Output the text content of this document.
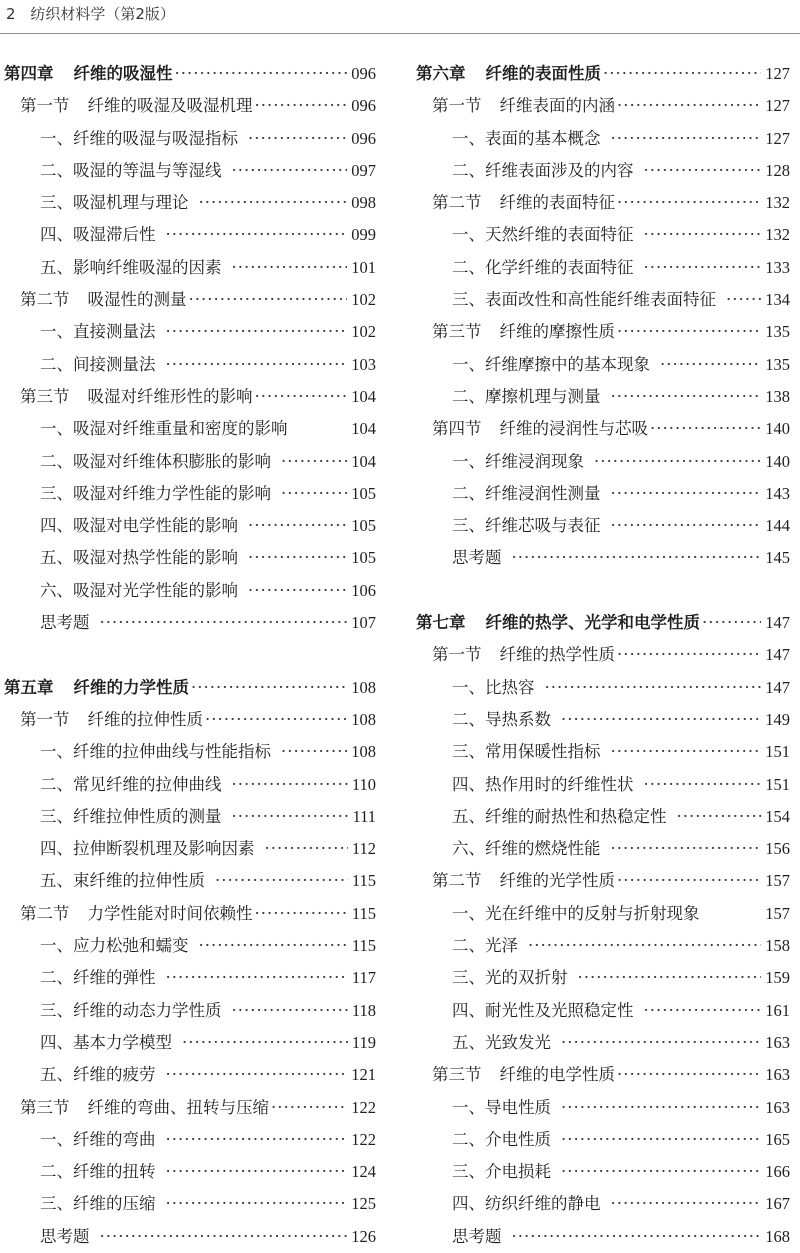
2 纺织材料学（第2版）
第四章 纤维的吸湿性 ·····	096
第一节 纤维的吸湿及吸湿机理 ·····	096
一、纤维的吸湿与吸湿指标 ·····	096
二、吸湿的等温与等湿线 ·····	097
三、吸湿机理与理论 ·····	098
四、吸湿滞后性 ·····	099
五、影响纤维吸湿的因素 ·····	101
第二节 吸湿性的测量 ·····	102
一、直接测量法 ·····	102
二、间接测量法 ·····	103
第三节 吸湿对纤维形性的影响 ·····	104
一、吸湿对纤维重量和密度的影响	104
二、吸湿对纤维体积膨胀的影响 ·····	104
三、吸湿对纤维力学性能的影响 ·····	105
四、吸湿对电学性能的影响 ·····	105
五、吸湿对热学性能的影响 ·····	105
六、吸湿对光学性能的影响 ·····	106
思考题 ·····	107
第五章 纤维的力学性质 ·····	108
第一节 纤维的拉伸性质 ·····	108
一、纤维的拉伸曲线与性能指标 ·····	108
二、常见纤维的拉伸曲线 ·····	110
三、纤维拉伸性质的测量 ·····	111
四、拉伸断裂机理及影响因素 ·····	112
五、束纤维的拉伸性质 ·····	115
第二节 力学性能对时间依赖性 ·····	115
一、应力松弛和蠕变 ·····	115
二、纤维的弹性 ·····	117
三、纤维的动态力学性质 ·····	118
四、基本力学模型 ·····	119
五、纤维的疲劳 ·····	121
第三节 纤维的弯曲、扭转与压缩 ·····	122
一、纤维的弯曲 ·····	122
二、纤维的扭转 ·····	124
三、纤维的压缩 ·····	125
思考题 ·····	126
第六章 纤维的表面性质 ·····	127
第一节 纤维表面的内涵 ·····	127
一、表面的基本概念 ·····	127
二、纤维表面涉及的内容 ·····	128
第二节 纤维的表面特征 ·····	132
一、天然纤维的表面特征 ·····	132
二、化学纤维的表面特征 ·····	133
三、表面改性和高性能纤维表面特征 ·····	134
第三节 纤维的摩擦性质 ·····	135
一、纤维摩擦中的基本现象 ·····	135
二、摩擦机理与测量 ·····	138
第四节 纤维的浸润性与芯吸 ·····	140
一、纤维浸润现象 ·····	140
二、纤维浸润性测量 ·····	143
三、纤维芯吸与表征 ·····	144
思考题 ·····	145
第七章 纤维的热学、光学和电学性质 ·····	147
第一节 纤维的热学性质 ·····	147
一、比热容 ·····	147
二、导热系数 ·····	149
三、常用保暖性指标 ·····	151
四、热作用时的纤维性状 ·····	151
五、纤维的耐热性和热稳定性 ·····	154
六、纤维的燃烧性能 ·····	156
第二节 纤维的光学性质 ·····	157
一、光在纤维中的反射与折射现象	157
二、光泽 ·····	158
三、光的双折射 ·····	159
四、耐光性及光照稳定性 ·····	161
五、光致发光 ·····	163
第三节 纤维的电学性质 ·····	163
一、导电性质 ·····	163
二、介电性质 ·····	165
三、介电损耗 ·····	166
四、纺织纤维的静电 ·····	167
思考题 ·····	168
